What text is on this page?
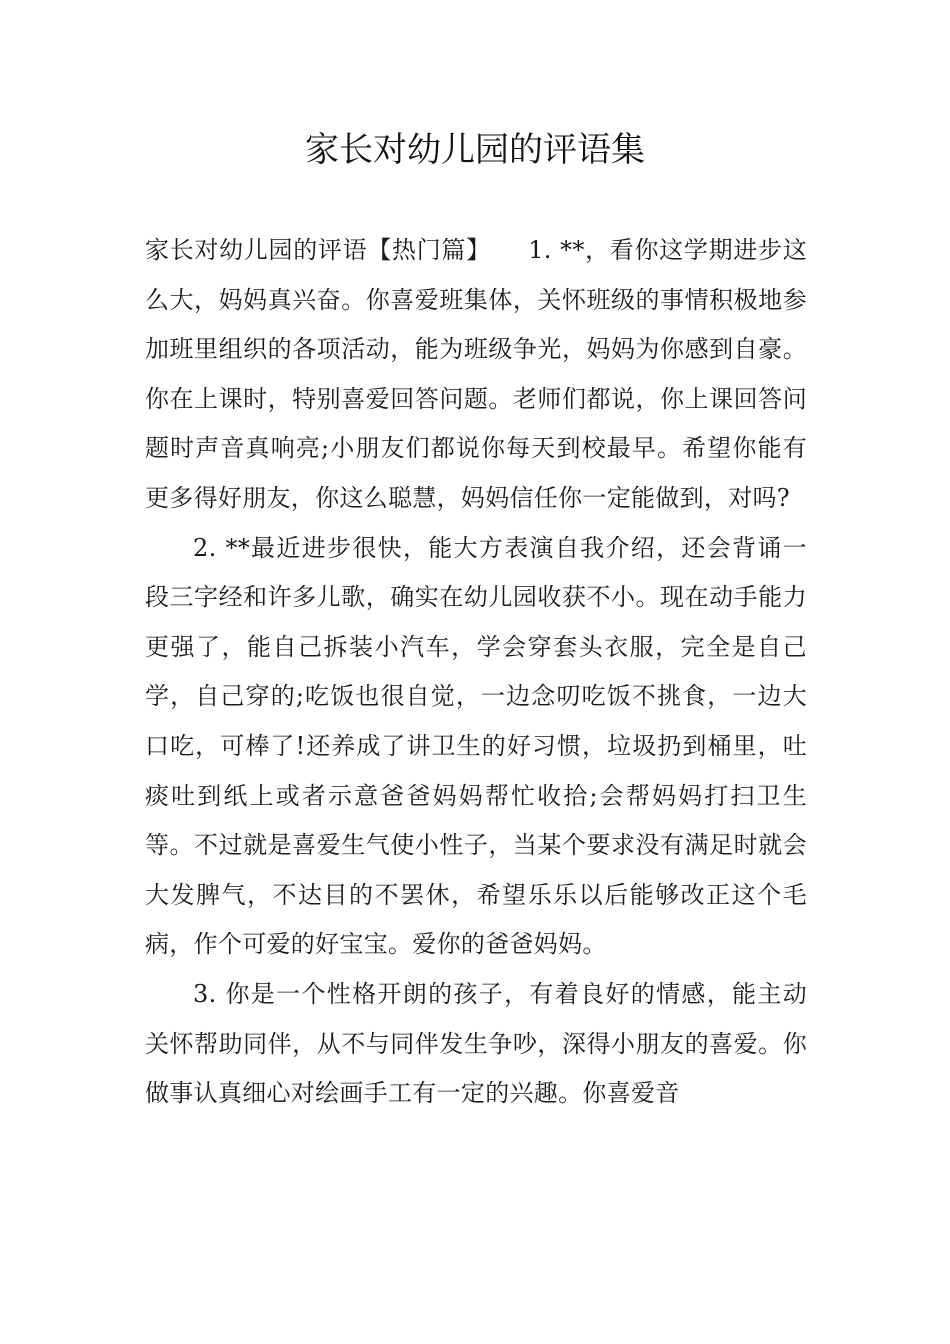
家长对幼儿园的评语集

家长对幼儿园的评语【热门篇】　　1. **，看你这学期进步这么大，妈妈真兴奋。你喜爱班集体，关怀班级的事情积极地参加班里组织的各项活动，能为班级争光，妈妈为你感到自豪。你在上课时，特别喜爱回答问题。老师们都说，你上课回答问题时声音真响亮;小朋友们都说你每天到校最早。希望你能有更多得好朋友，你这么聪慧，妈妈信任你一定能做到，对吗?

2. **最近进步很快，能大方表演自我介绍，还会背诵一段三字经和许多儿歌，确实在幼儿园收获不小。现在动手能力更强了，能自己拆装小汽车，学会穿套头衣服，完全是自己学，自己穿的;吃饭也很自觉，一边念叨吃饭不挑食，一边大口吃，可棒了!还养成了讲卫生的好习惯，垃圾扔到桶里，吐痰吐到纸上或者示意爸爸妈妈帮忙收拾;会帮妈妈打扫卫生等。不过就是喜爱生气使小性子，当某个要求没有满足时就会大发脾气，不达目的不罢休，希望乐乐以后能够改正这个毛病，作个可爱的好宝宝。爱你的爸爸妈妈。

3. 你是一个性格开朗的孩子，有着良好的情感，能主动关怀帮助同伴，从不与同伴发生争吵，深得小朋友的喜爱。你做事认真细心对绘画手工有一定的兴趣。你喜爱音
